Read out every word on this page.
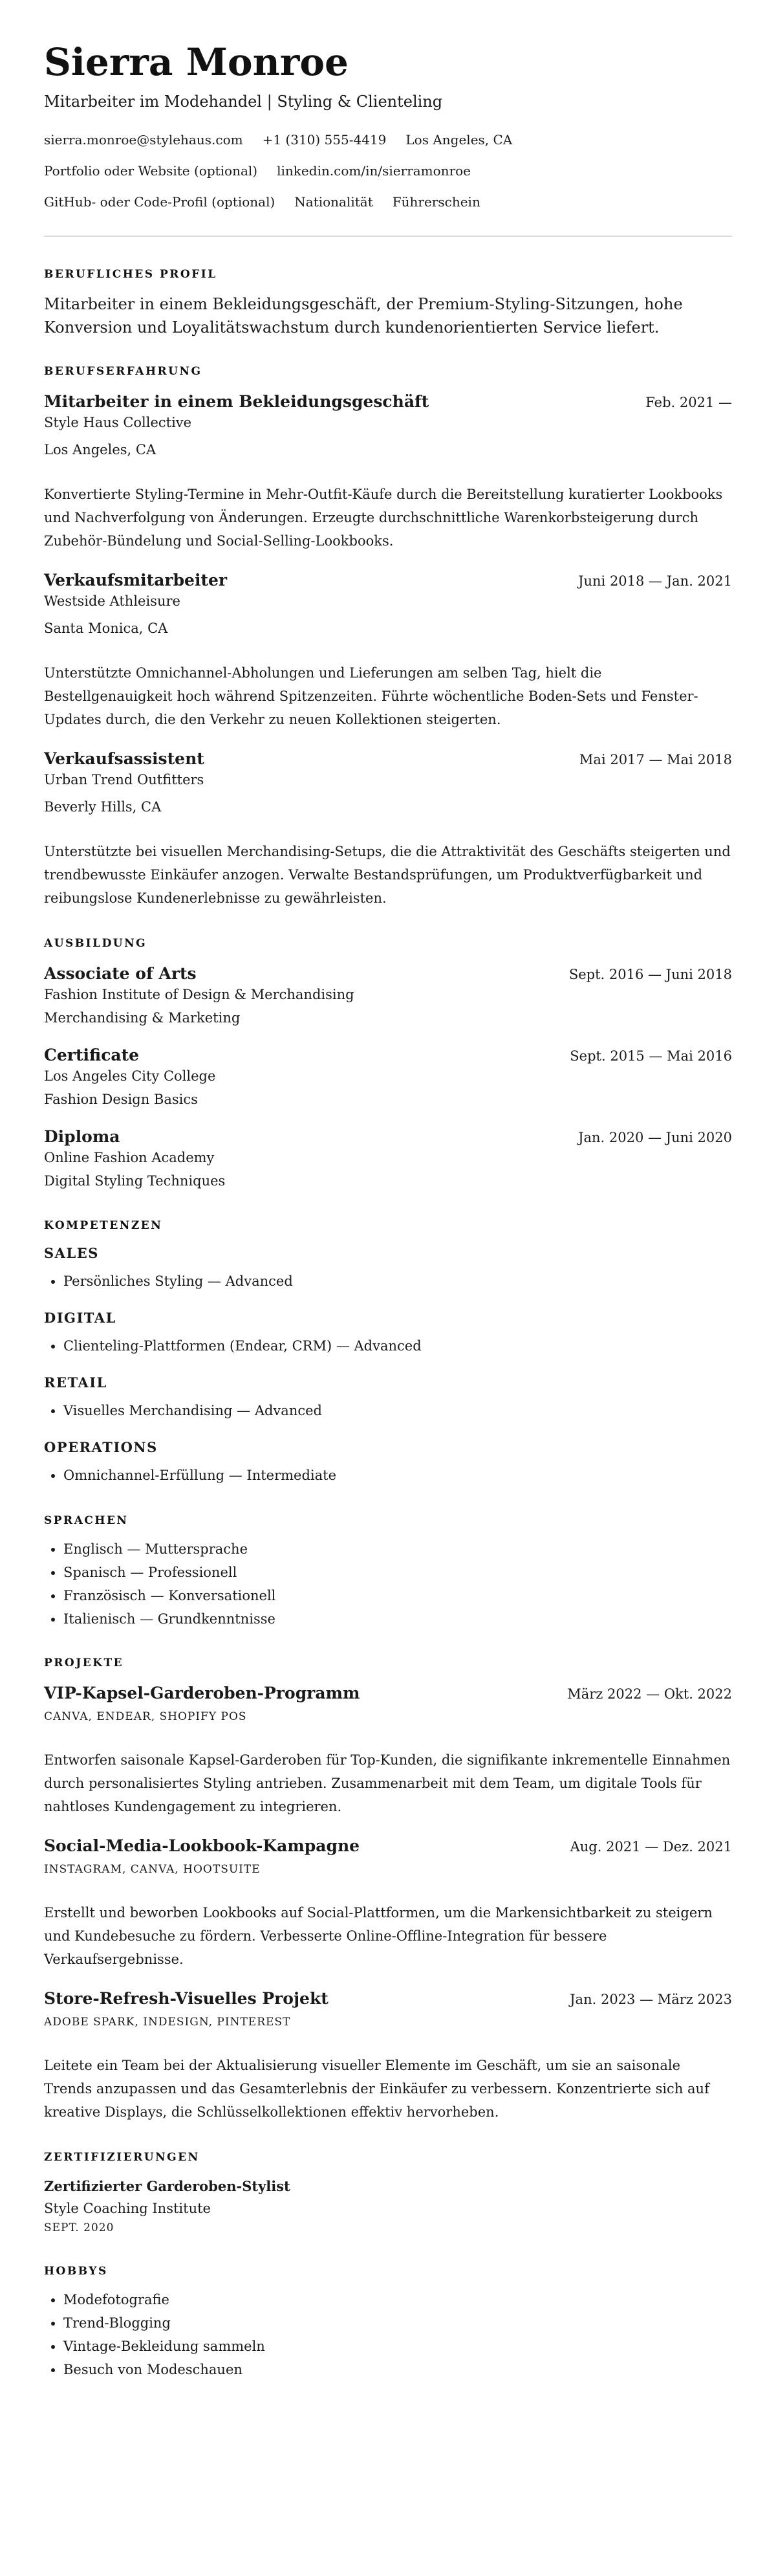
Sierra Monroe
Mitarbeiter im Modehandel | Styling & Clienteling
sierra.monroe@stylehaus.com +1 (310) 555-4419 Los Angeles, CA
Portfolio oder Website (optional) linkedin.com/in/sierramonroe
GitHub- oder Code-Profil (optional) Nationalität Führerschein
BERUFLICHES PROFIL
Mitarbeiter in einem Bekleidungsgeschäft, der Premium-Styling-Sitzungen, hohe Konversion und Loyalitätswachstum durch kundenorientierten Service liefert.
BERUFSERFAHRUNG
Mitarbeiter in einem Bekleidungsgeschäft	Feb. 2021 —
Style Haus Collective
Los Angeles, CA
Konvertierte Styling-Termine in Mehr-Outfit-Käufe durch die Bereitstellung kuratierter Lookbooks und Nachverfolgung von Änderungen. Erzeugte durchschnittliche Warenkorbsteigerung durch Zubehör-Bündelung und Social-Selling-Lookbooks.
Verkaufsmitarbeiter	Juni 2018 — Jan. 2021
Westside Athleisure
Santa Monica, CA
Unterstützte Omnichannel-Abholungen und Lieferungen am selben Tag, hielt die Bestellgenauigkeit hoch während Spitzenzeiten. Führte wöchentliche Boden-Sets und Fenster-Updates durch, die den Verkehr zu neuen Kollektionen steigerten.
Verkaufsassistent	Mai 2017 — Mai 2018
Urban Trend Outfitters
Beverly Hills, CA
Unterstützte bei visuellen Merchandising-Setups, die die Attraktivität des Geschäfts steigerten und trendbewusste Einkäufer anzogen. Verwalte Bestandsprüfungen, um Produktverfügbarkeit und reibungslose Kundenerlebnisse zu gewährleisten.
AUSBILDUNG
Associate of Arts	Sept. 2016 — Juni 2018
Fashion Institute of Design & Merchandising
Merchandising & Marketing
Certificate	Sept. 2015 — Mai 2016
Los Angeles City College
Fashion Design Basics
Diploma	Jan. 2020 — Juni 2020
Online Fashion Academy
Digital Styling Techniques
KOMPETENZEN
SALES
• Persönliches Styling — Advanced
DIGITAL
• Clienteling-Plattformen (Endear, CRM) — Advanced
RETAIL
• Visuelles Merchandising — Advanced
OPERATIONS
• Omnichannel-Erfüllung — Intermediate
SPRACHEN
• Englisch — Muttersprache
• Spanisch — Professionell
• Französisch — Konversationell
• Italienisch — Grundkenntnisse
PROJEKTE
VIP-Kapsel-Garderoben-Programm	März 2022 — Okt. 2022
CANVA, ENDEAR, SHOPIFY POS
Entworfen saisonale Kapsel-Garderoben für Top-Kunden, die signifikante inkrementelle Einnahmen durch personalisiertes Styling antrieben. Zusammenarbeit mit dem Team, um digitale Tools für nahtloses Kundengagement zu integrieren.
Social-Media-Lookbook-Kampagne	Aug. 2021 — Dez. 2021
INSTAGRAM, CANVA, HOOTSUITE
Erstellt und beworben Lookbooks auf Social-Plattformen, um die Markensichtbarkeit zu steigern und Kundebesuche zu fördern. Verbesserte Online-Offline-Integration für bessere Verkaufsergebnisse.
Store-Refresh-Visuelles Projekt	Jan. 2023 — März 2023
ADOBE SPARK, INDESIGN, PINTEREST
Leitete ein Team bei der Aktualisierung visueller Elemente im Geschäft, um sie an saisonale Trends anzupassen und das Gesamterlebnis der Einkäufer zu verbessern. Konzentrierte sich auf kreative Displays, die Schlüsselkollektionen effektiv hervorheben.
ZERTIFIZIERUNGEN
Zertifizierter Garderoben-Stylist
Style Coaching Institute
SEPT. 2020
HOBBYS
• Modefotografie
• Trend-Blogging
• Vintage-Bekleidung sammeln
• Besuch von Modeschauen
